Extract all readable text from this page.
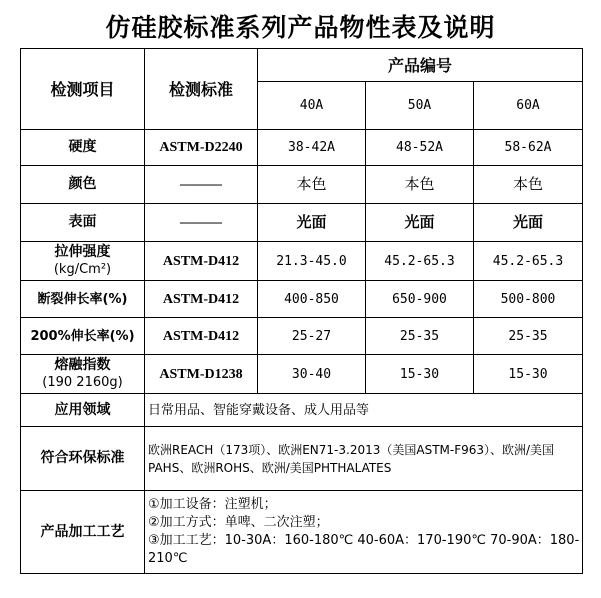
仿硅胶标准系列产品物性表及说明
检测项目	检测标准	产品编号		
		40A	50A	60A
硬度	ASTM-D2240	38-42A	48-52A	58-62A
颜色	———	本色	本色	本色
表面	———	光面	光面	光面

拉伸强度
(kg/Cm²)	ASTM-D412	21.3-45.0	45.2-65.3	45.2-65.3
断裂伸长率(%)	ASTM-D412	400-850	650-900	500-800
200%伸长率(%)	ASTM-D412	25-27	25-35	25-35

熔融指数
(190 2160g)	ASTM-D1238	30-40	15-30	15-30
应用领域	日常用品、智能穿戴设备、成人用品等			
符合环保标准	欧洲REACH（173项）、欧洲EN71-3.2013（美国ASTM-F963）、欧洲/美国PAHS、欧洲ROHS、欧洲/美国PHTHALATES			
产品加工工艺	①加工设备：注塑机；
②加工方式：单啤、二次注塑；
③加工工艺：10-30A：160-180℃ 40-60A：170-190℃ 70-90A：180-210℃			
